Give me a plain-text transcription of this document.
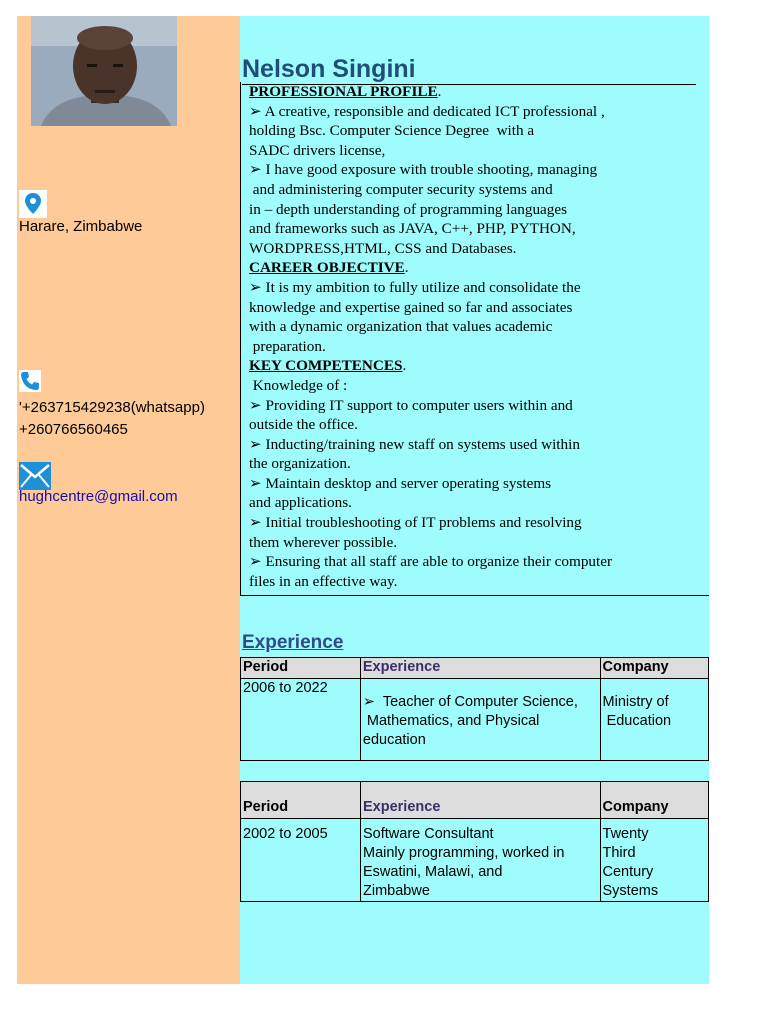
Harare, Zimbabwe
'+263715429238(whatsapp)
+260766560465
hughcentre@gmail.com
Nelson Singini
PROFESSIONAL PROFILE.
➢ A creative, responsible and dedicated ICT professional ,
holding Bsc. Computer Science Degree  with a
SADC drivers license,
➢ I have good exposure with trouble shooting, managing
and administering computer security systems and
in – depth understanding of programming languages
and frameworks such as JAVA, C++, PHP, PYTHON,
WORDPRESS,HTML, CSS and Databases.
CAREER OBJECTIVE.
➢ It is my ambition to fully utilize and consolidate the
knowledge and expertise gained so far and associates
with a dynamic organization that values academic
preparation.
KEY COMPETENCES.
Knowledge of :
➢ Providing IT support to computer users within and
outside the office.
➢ Inducting/training new staff on systems used within
the organization.
➢ Maintain desktop and server operating systems
and applications.
➢ Initial troubleshooting of IT problems and resolving
them wherever possible.
➢ Ensuring that all staff are able to organize their computer
files in an effective way.
Experience
Period	Experience	Company
2006 to 2022	➢  Teacher of Computer Science,
Mathematics, and Physical
education	Ministry of
Education
Period	Experience	Company
2002 to 2005	Software Consultant
Mainly programming, worked in
Eswatini, Malawi, and
Zimbabwe	Twenty
Third
Century
Systems
